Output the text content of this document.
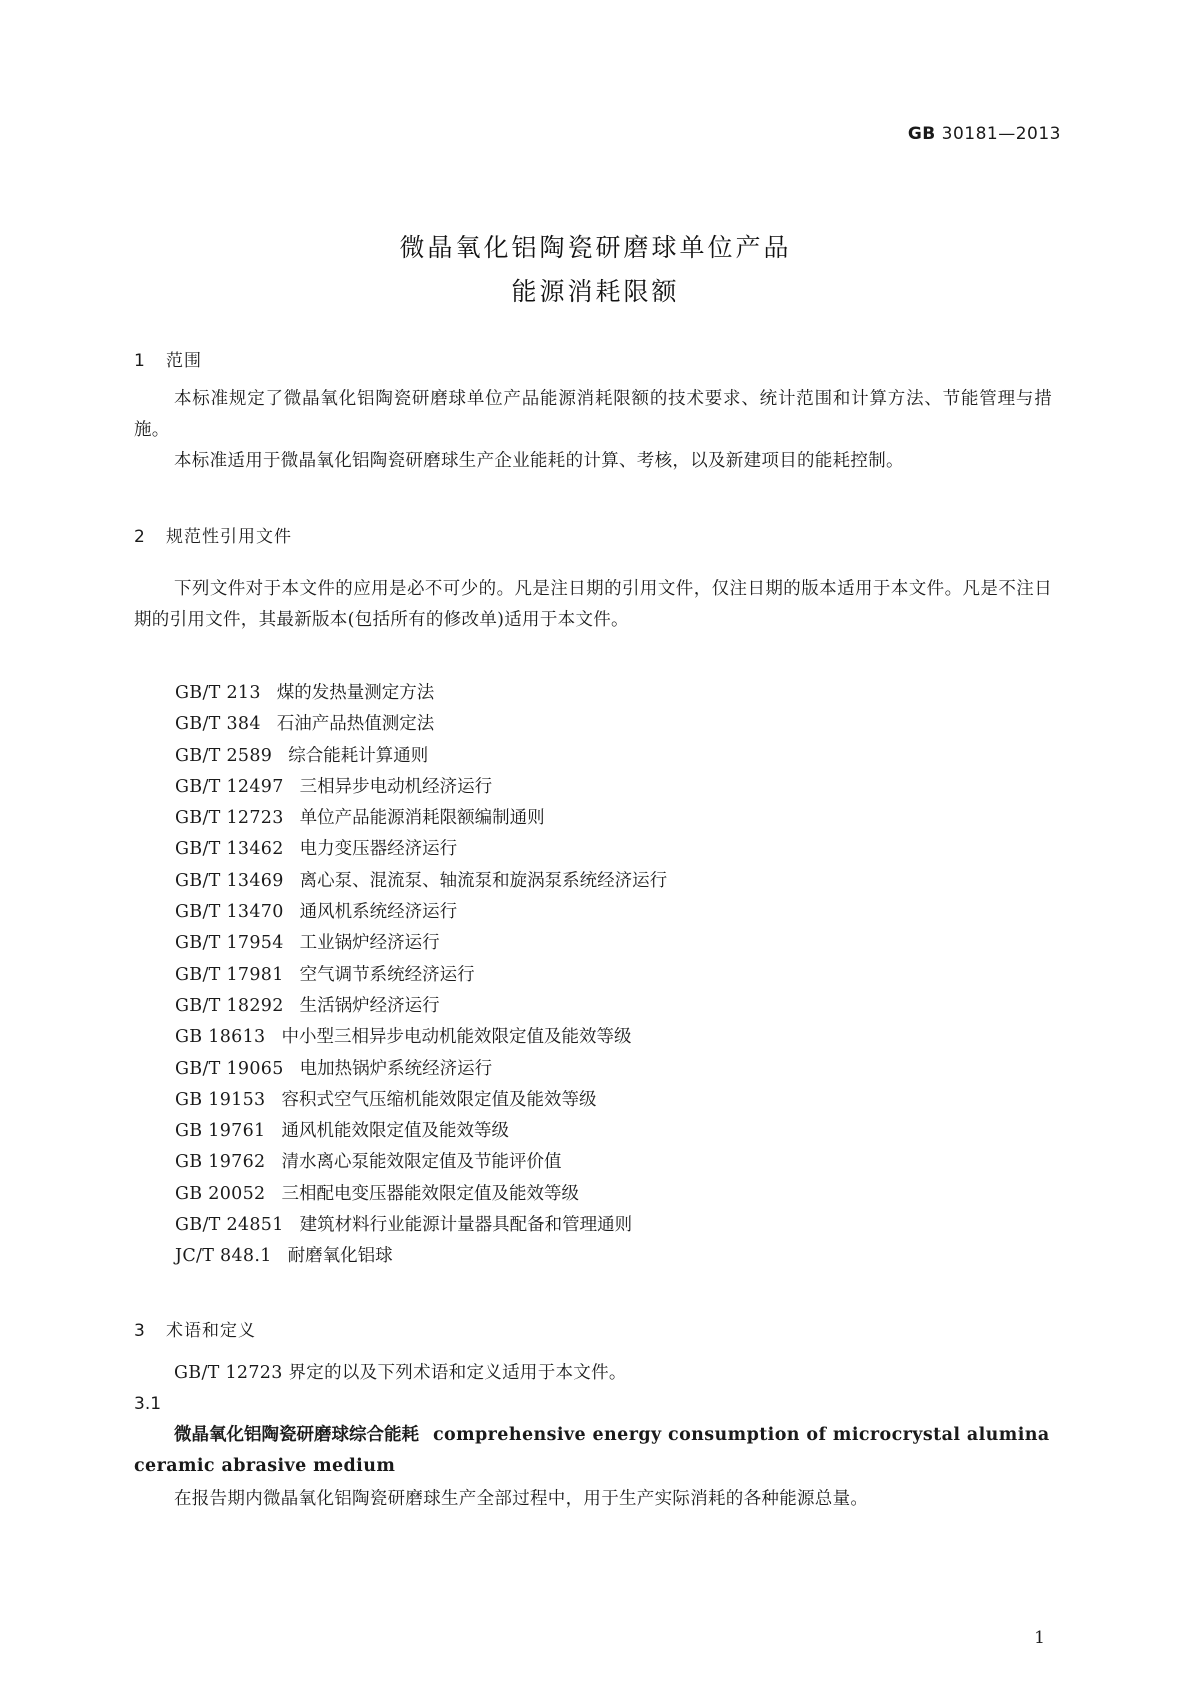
GB 30181—2013
微晶氧化铝陶瓷研磨球单位产品
能源消耗限额
1 范围

本标准规定了微晶氧化铝陶瓷研磨球单位产品能源消耗限额的技术要求、统计范围和计算方法、节能管理与措施。

本标准适用于微晶氧化铝陶瓷研磨球生产企业能耗的计算、考核，以及新建项目的能耗控制。

2 规范性引用文件

下列文件对于本文件的应用是必不可少的。凡是注日期的引用文件，仅注日期的版本适用于本文件。凡是不注日期的引用文件，其最新版本(包括所有的修改单)适用于本文件。

GB/T 213 煤的发热量测定方法
GB/T 384 石油产品热值测定法
GB/T 2589 综合能耗计算通则
GB/T 12497 三相异步电动机经济运行
GB/T 12723 单位产品能源消耗限额编制通则
GB/T 13462 电力变压器经济运行
GB/T 13469 离心泵、混流泵、轴流泵和旋涡泵系统经济运行
GB/T 13470 通风机系统经济运行
GB/T 17954 工业锅炉经济运行
GB/T 17981 空气调节系统经济运行
GB/T 18292 生活锅炉经济运行
GB 18613 中小型三相异步电动机能效限定值及能效等级
GB/T 19065 电加热锅炉系统经济运行
GB 19153 容积式空气压缩机能效限定值及能效等级
GB 19761 通风机能效限定值及能效等级
GB 19762 清水离心泵能效限定值及节能评价值
GB 20052 三相配电变压器能效限定值及能效等级
GB/T 24851 建筑材料行业能源计量器具配备和管理通则
JC/T 848.1 耐磨氧化铝球
3 术语和定义

GB/T 12723 界定的以及下列术语和定义适用于本文件。

3.1

微晶氧化铝陶瓷研磨球综合能耗 comprehensive energy consumption of microcrystal alumina ceramic abrasive medium

在报告期内微晶氧化铝陶瓷研磨球生产全部过程中，用于生产实际消耗的各种能源总量。

1
